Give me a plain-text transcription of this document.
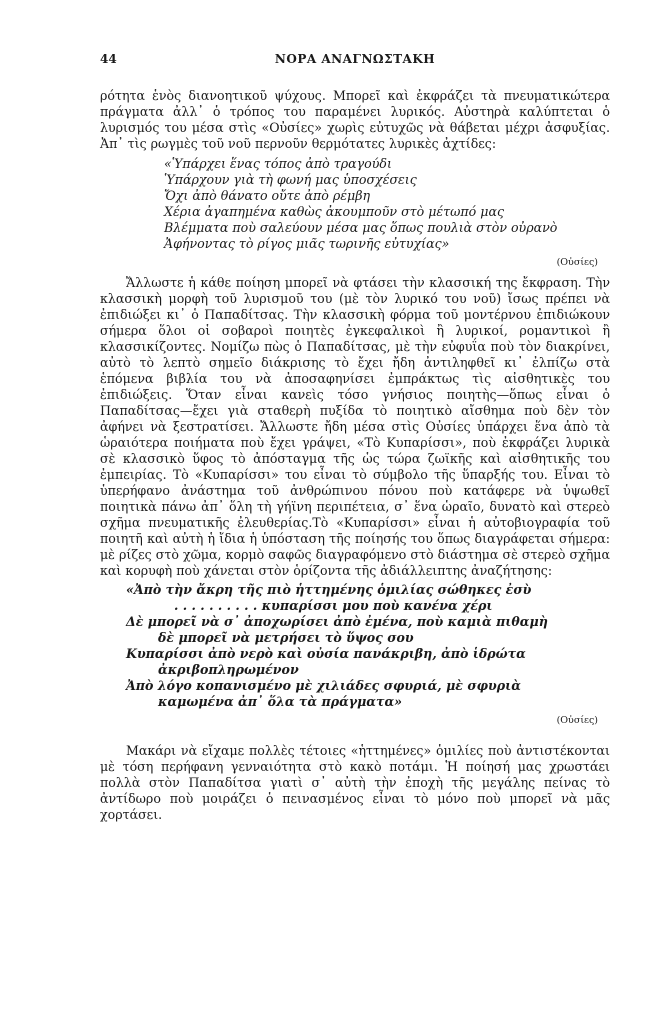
44	ΝΟΡΑ ΑΝΑΓΝΩΣΤΑΚΗ

ρότητα ἑνὸς διανοητικοῦ ψύχους. Μπορεῖ καὶ ἐκφράζει τὰ πνευματικώτερα πράγματα ἀλλ᾿ ὁ τρόπος του παραμένει λυρικός. Αὐστηρὰ καλύπτεται ὁ λυρισμός του μέσα στὶς «Οὐσίες» χωρὶς εὐτυχῶς νὰ θάβεται μέχρι ἀσφυξίας. Ἀπ᾿ τὶς ρωγμὲς τοῦ νοῦ περνοῦν θερμότατες λυρικὲς ἀχτίδες:

«Ὑπάρχει ἕνας τόπος ἀπὸ τραγούδι
Ὑπάρχουν γιὰ τὴ φωνή μας ὑποσχέσεις
Ὄχι ἀπὸ θάνατο οὔτε ἀπὸ ρέμβη
Χέρια ἀγαπημένα καθὼς ἀκουμποῦν στὸ μέτωπό μας
Βλέμματα ποὺ σαλεύουν μέσα μας ὅπως πουλιὰ στὸν οὐρανὸ
Ἀφήνοντας τὸ ρίγος μιᾶς τωρινῆς εὐτυχίας»
(Οὐσίες)

Ἄλλωστε ἡ κάθε ποίηση μπορεῖ νὰ φτάσει τὴν κλασσική της ἔκφραση. Τὴν κλασσικὴ μορφὴ τοῦ λυρισμοῦ του (μὲ τὸν λυρικό του νοῦ) ἴσως πρέπει νὰ ἐπιδιώξει κι᾿ ὁ Παπαδίτσας. Τὴν κλασσικὴ φόρμα τοῦ μοντέρνου ἐπιδιώκουν σήμερα ὅλοι οἱ σοβαροὶ ποιητὲς ἐγκεφαλικοὶ ἢ λυρικοί, ρομαντικοὶ ἢ κλασσικίζοντες. Νομίζω πὼς ὁ Παπαδίτσας, μὲ τὴν εὐφυΐα ποὺ τὸν διακρίνει, αὐτὸ τὸ λεπτὸ σημεῖο διάκρισης τὸ ἔχει ἤδη ἀντιληφθεῖ κι᾿ ἐλπίζω στὰ ἑπόμενα βιβλία του νὰ ἀποσαφηνίσει ἐμπράκτως τὶς αἰσθητικὲς του ἐπιδιώξεις. Ὅταν εἶναι κανεὶς τόσο γνήσιος ποιητὴς—ὅπως εἶναι ὁ Παπαδίτσας—ἔχει γιὰ σταθερὴ πυξίδα τὸ ποιητικὸ αἴσθημα ποὺ δὲν τὸν ἀφήνει νὰ ξεστρατίσει. Ἄλλωστε ἤδη μέσα στὶς Οὐσίες ὑπάρχει ἕνα ἀπὸ τὰ ὡραιότερα ποιήματα ποὺ ἔχει γράψει, «Τὸ Κυπαρίσσι», ποὺ ἐκφράζει λυρικὰ σὲ κλασσικὸ ὕφος τὸ ἀπόσταγμα τῆς ὡς τώρα ζωϊκῆς καὶ αἰσθητικῆς του ἐμπειρίας. Τὸ «Κυπαρίσσι» του εἶναι τὸ σύμβολο τῆς ὕπαρξής του. Εἶναι τὸ ὑπερήφανο ἀνάστημα τοῦ ἀνθρώπινου πόνου ποὺ κατάφερε νὰ ὑψωθεῖ ποιητικὰ πάνω ἀπ᾿ ὅλη τὴ γήϊνη περιπέτεια, σ᾿ ἕνα ὡραῖο, δυνατὸ καὶ στερεὸ σχῆμα πνευματικῆς ἐλευθερίας.Τὸ «Κυπαρίσσι» εἶναι ἡ αὐτοβιογραφία τοῦ ποιητῆ καὶ αὐτὴ ἡ ἴδια ἡ ὑπόσταση τῆς ποίησής του ὅπως διαγράφεται σήμερα: μὲ ρίζες στὸ χῶμα, κορμὸ σαφῶς διαγραφόμενο στὸ διάστημα σὲ στερεὸ σχῆμα καὶ κορυφὴ ποὺ χάνεται στὸν ὁρίζοντα τῆς ἀδιάλλειπτης ἀναζήτησης:

«Ἀπὸ τὴν ἄκρη τῆς πιὸ ἡττημένης ὁμιλίας σώθηκες ἐσὺ
. . . . . . . . . . κυπαρίσσι μου ποὺ κανένα χέρι
Δὲ μπορεῖ νὰ σ᾿ ἀποχωρίσει ἀπὸ ἐμένα, ποὺ καμιὰ πιθαμὴ
δὲ μπορεῖ νὰ μετρήσει τὸ ὕψος σου
Κυπαρίσσι ἀπὸ νερὸ καὶ οὐσία πανάκριβη, ἀπὸ ἱδρώτα
ἀκριβοπληρωμένον
Ἀπὸ λόγο κοπανισμένο μὲ χιλιάδες σφυριά, μὲ σφυριὰ
καμωμένα ἀπ᾿ ὅλα τὰ πράγματα»
(Οὐσίες)

Μακάρι νὰ εἴχαμε πολλὲς τέτοιες «ἡττημένες» ὁμιλίες ποὺ ἀντιστέκονται μὲ τόση περήφανη γενναιότητα στὸ κακὸ ποτάμι. Ἡ ποίησή μας χρωστάει πολλὰ στὸν Παπαδίτσα γιατὶ σ᾿ αὐτὴ τὴν ἐποχὴ τῆς μεγάλης πείνας τὸ ἀντίδωρο ποὺ μοιράζει ὁ πεινασμένος εἶναι τὸ μόνο ποὺ μπορεῖ νὰ μᾶς χορτάσει.
